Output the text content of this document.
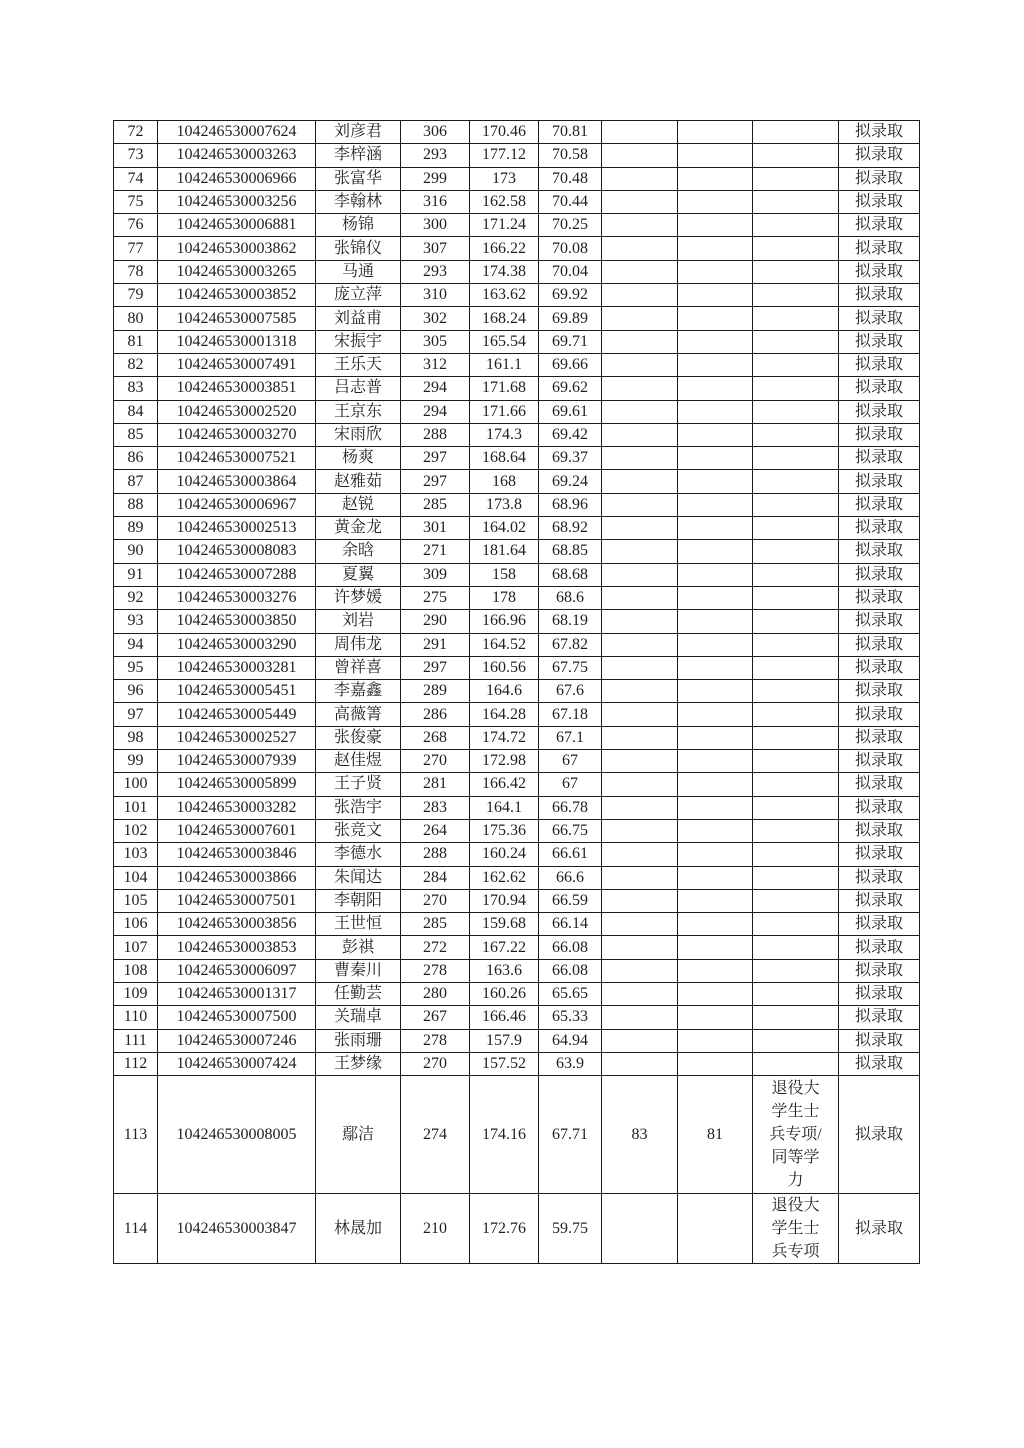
72	104246530007624	刘彦君	306	170.46	70.81				拟录取
73	104246530003263	李梓涵	293	177.12	70.58				拟录取
74	104246530006966	张富华	299	173	70.48				拟录取
75	104246530003256	李翰林	316	162.58	70.44				拟录取
76	104246530006881	杨锦	300	171.24	70.25				拟录取
77	104246530003862	张锦仪	307	166.22	70.08				拟录取
78	104246530003265	马通	293	174.38	70.04				拟录取
79	104246530003852	庞立萍	310	163.62	69.92				拟录取
80	104246530007585	刘益甫	302	168.24	69.89				拟录取
81	104246530001318	宋振宇	305	165.54	69.71				拟录取
82	104246530007491	王乐天	312	161.1	69.66				拟录取
83	104246530003851	吕志普	294	171.68	69.62				拟录取
84	104246530002520	王京东	294	171.66	69.61				拟录取
85	104246530003270	宋雨欣	288	174.3	69.42				拟录取
86	104246530007521	杨爽	297	168.64	69.37				拟录取
87	104246530003864	赵雅茹	297	168	69.24				拟录取
88	104246530006967	赵锐	285	173.8	68.96				拟录取
89	104246530002513	黄金龙	301	164.02	68.92				拟录取
90	104246530008083	余晗	271	181.64	68.85				拟录取
91	104246530007288	夏翼	309	158	68.68				拟录取
92	104246530003276	许梦媛	275	178	68.6				拟录取
93	104246530003850	刘岩	290	166.96	68.19				拟录取
94	104246530003290	周伟龙	291	164.52	67.82				拟录取
95	104246530003281	曾祥喜	297	160.56	67.75				拟录取
96	104246530005451	李嘉鑫	289	164.6	67.6				拟录取
97	104246530005449	高薇箐	286	164.28	67.18				拟录取
98	104246530002527	张俊豪	268	174.72	67.1				拟录取
99	104246530007939	赵佳煜	270	172.98	67				拟录取
100	104246530005899	王子贤	281	166.42	67				拟录取
101	104246530003282	张浩宇	283	164.1	66.78				拟录取
102	104246530007601	张竞文	264	175.36	66.75				拟录取
103	104246530003846	李德水	288	160.24	66.61				拟录取
104	104246530003866	朱闻达	284	162.62	66.6				拟录取
105	104246530007501	李朝阳	270	170.94	66.59				拟录取
106	104246530003856	王世恒	285	159.68	66.14				拟录取
107	104246530003853	彭祺	272	167.22	66.08				拟录取
108	104246530006097	曹秦川	278	163.6	66.08				拟录取
109	104246530001317	任勤芸	280	160.26	65.65				拟录取
110	104246530007500	关瑞卓	267	166.46	65.33				拟录取
111	104246530007246	张雨珊	278	157.9	64.94				拟录取
112	104246530007424	王梦缘	270	157.52	63.9				拟录取
113	104246530008005	鄢洁	274	174.16	67.71	83	81	退役大学生士兵专项/同等学力	拟录取
114	104246530003847	林晟加	210	172.76	59.75			退役大学生士兵专项	拟录取
